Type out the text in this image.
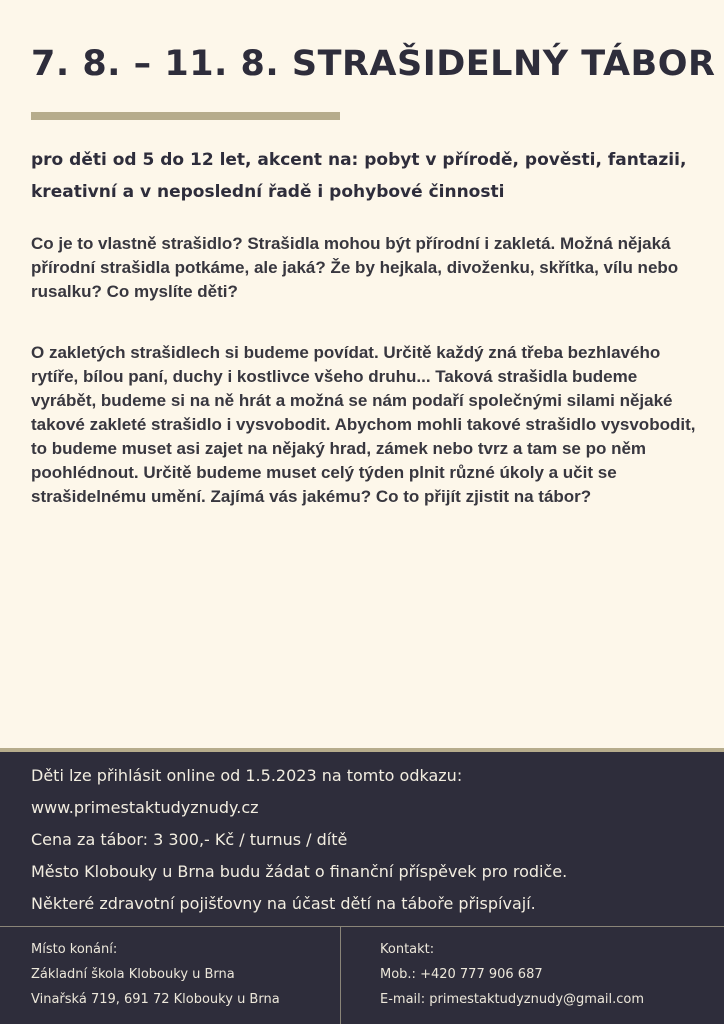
7. 8. – 11. 8. STRAŠIDELNÝ TÁBOR

pro děti od 5 do 12 let, akcent na: pobyt v přírodě, pověsti, fantazii, kreativní a v neposlední řadě i pohybové činnosti

Co je to vlastně strašidlo? Strašidla mohou být přírodní i zakletá. Možná nějaká přírodní strašidla potkáme, ale jaká? Že by hejkala, divoženku, skřítka, vílu nebo rusalku? Co myslíte děti?

O zakletých strašidlech si budeme povídat. Určitě každý zná třeba bezhlavého rytíře, bílou paní, duchy i kostlivce všeho druhu... Taková strašidla budeme vyrábět, budeme si na ně hrát a možná se nám podaří společnými silami nějaké takové zakleté strašidlo i vysvobodit. Abychom mohli takové strašidlo vysvobodit, to budeme muset asi zajet na nějaký hrad, zámek nebo tvrz a tam se po něm poohlédnout. Určitě budeme muset celý týden plnit různé úkoly a učit se strašidelnému umění. Zajímá vás jakému? Co to přijít zjistit na tábor?

Děti lze přihlásit online od 1.5.2023 na tomto odkazu:
www.primestaktudyznudy.cz
Cena za tábor: 3 300,- Kč / turnus / dítě
Město Klobouky u Brna budu žádat o finanční příspěvek pro rodiče.
Některé zdravotní pojišťovny na účast dětí na táboře přispívají.
Místo konání:
Základní škola Klobouky u Brna
Vinařská 719, 691 72 Klobouky u Brna
Kontakt:
Mob.: +420 777 906 687
E-mail: primestaktudyznudy@gmail.com
